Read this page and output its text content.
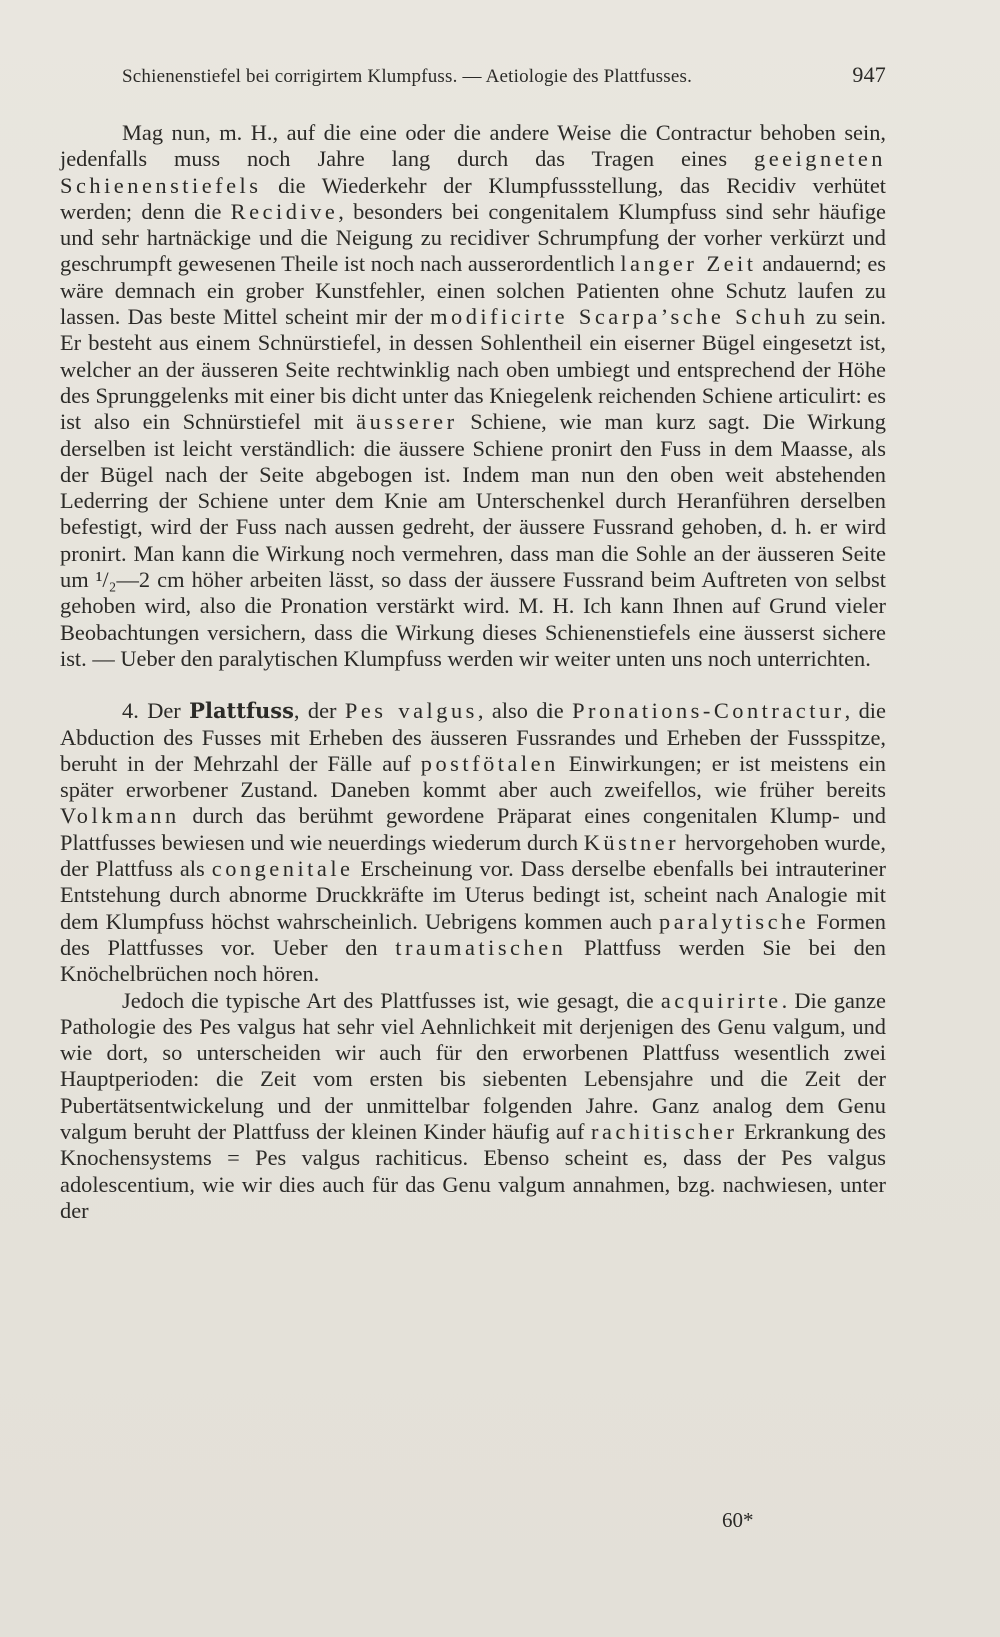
Schienenstiefel bei corrigirtem Klumpfuss. — Aetiologie des Plattfusses.	947

Mag nun, m. H., auf die eine oder die andere Weise die Contractur behoben sein, jedenfalls muss noch Jahre lang durch das Tragen eines geeigneten Schienenstiefels die Wiederkehr der Klumpfussstellung, das Recidiv verhütet werden; denn die Recidive, besonders bei congenitalem Klumpfuss sind sehr häufige und sehr hartnäckige und die Neigung zu recidiver Schrumpfung der vorher verkürzt und geschrumpft gewesenen Theile ist noch nach ausserordentlich langer Zeit andauernd; es wäre demnach ein grober Kunstfehler, einen solchen Patienten ohne Schutz laufen zu lassen. Das beste Mittel scheint mir der modificirte Scarpa’sche Schuh zu sein. Er besteht aus einem Schnürstiefel, in dessen Sohlentheil ein eiserner Bügel eingesetzt ist, welcher an der äusseren Seite rechtwinklig nach oben umbiegt und entsprechend der Höhe des Sprunggelenks mit einer bis dicht unter das Kniegelenk reichenden Schiene articulirt: es ist also ein Schnürstiefel mit äusserer Schiene, wie man kurz sagt. Die Wirkung derselben ist leicht verständlich: die äussere Schiene pronirt den Fuss in dem Maasse, als der Bügel nach der Seite abgebogen ist. Indem man nun den oben weit abstehenden Lederring der Schiene unter dem Knie am Unterschenkel durch Heranführen derselben befestigt, wird der Fuss nach aussen gedreht, der äussere Fussrand gehoben, d. h. er wird pronirt. Man kann die Wirkung noch vermehren, dass man die Sohle an der äusseren Seite um ¹/₂—2 cm höher arbeiten lässt, so dass der äussere Fussrand beim Auftreten von selbst gehoben wird, also die Pronation verstärkt wird. M. H. Ich kann Ihnen auf Grund vieler Beobachtungen versichern, dass die Wirkung dieses Schienenstiefels eine äusserst sichere ist. — Ueber den paralytischen Klumpfuss werden wir weiter unten uns noch unterrichten.

4. Der Plattfuss, der Pes valgus, also die Pronations-Contractur, die Abduction des Fusses mit Erheben des äusseren Fussrandes und Erheben der Fussspitze, beruht in der Mehrzahl der Fälle auf postfötalen Einwirkungen; er ist meistens ein später erworbener Zustand. Daneben kommt aber auch zweifellos, wie früher bereits Volkmann durch das berühmt gewordene Präparat eines congenitalen Klump- und Plattfusses bewiesen und wie neuerdings wiederum durch Küstner hervorgehoben wurde, der Plattfuss als congenitale Erscheinung vor. Dass derselbe ebenfalls bei intrauteriner Entstehung durch abnorme Druckkräfte im Uterus bedingt ist, scheint nach Analogie mit dem Klumpfuss höchst wahrscheinlich. Uebrigens kommen auch paralytische Formen des Plattfusses vor. Ueber den traumatischen Plattfuss werden Sie bei den Knöchelbrüchen noch hören.

Jedoch die typische Art des Plattfusses ist, wie gesagt, die acquirirte. Die ganze Pathologie des Pes valgus hat sehr viel Aehnlichkeit mit derjenigen des Genu valgum, und wie dort, so unterscheiden wir auch für den erworbenen Plattfuss wesentlich zwei Hauptperioden: die Zeit vom ersten bis siebenten Lebensjahre und die Zeit der Pubertätsentwickelung und der unmittelbar folgenden Jahre. Ganz analog dem Genu valgum beruht der Plattfuss der kleinen Kinder häufig auf rachitischer Erkrankung des Knochensystems = Pes valgus rachiticus. Ebenso scheint es, dass der Pes valgus adolescentium, wie wir dies auch für das Genu valgum annahmen, bzg. nachwiesen, unter der

60*
